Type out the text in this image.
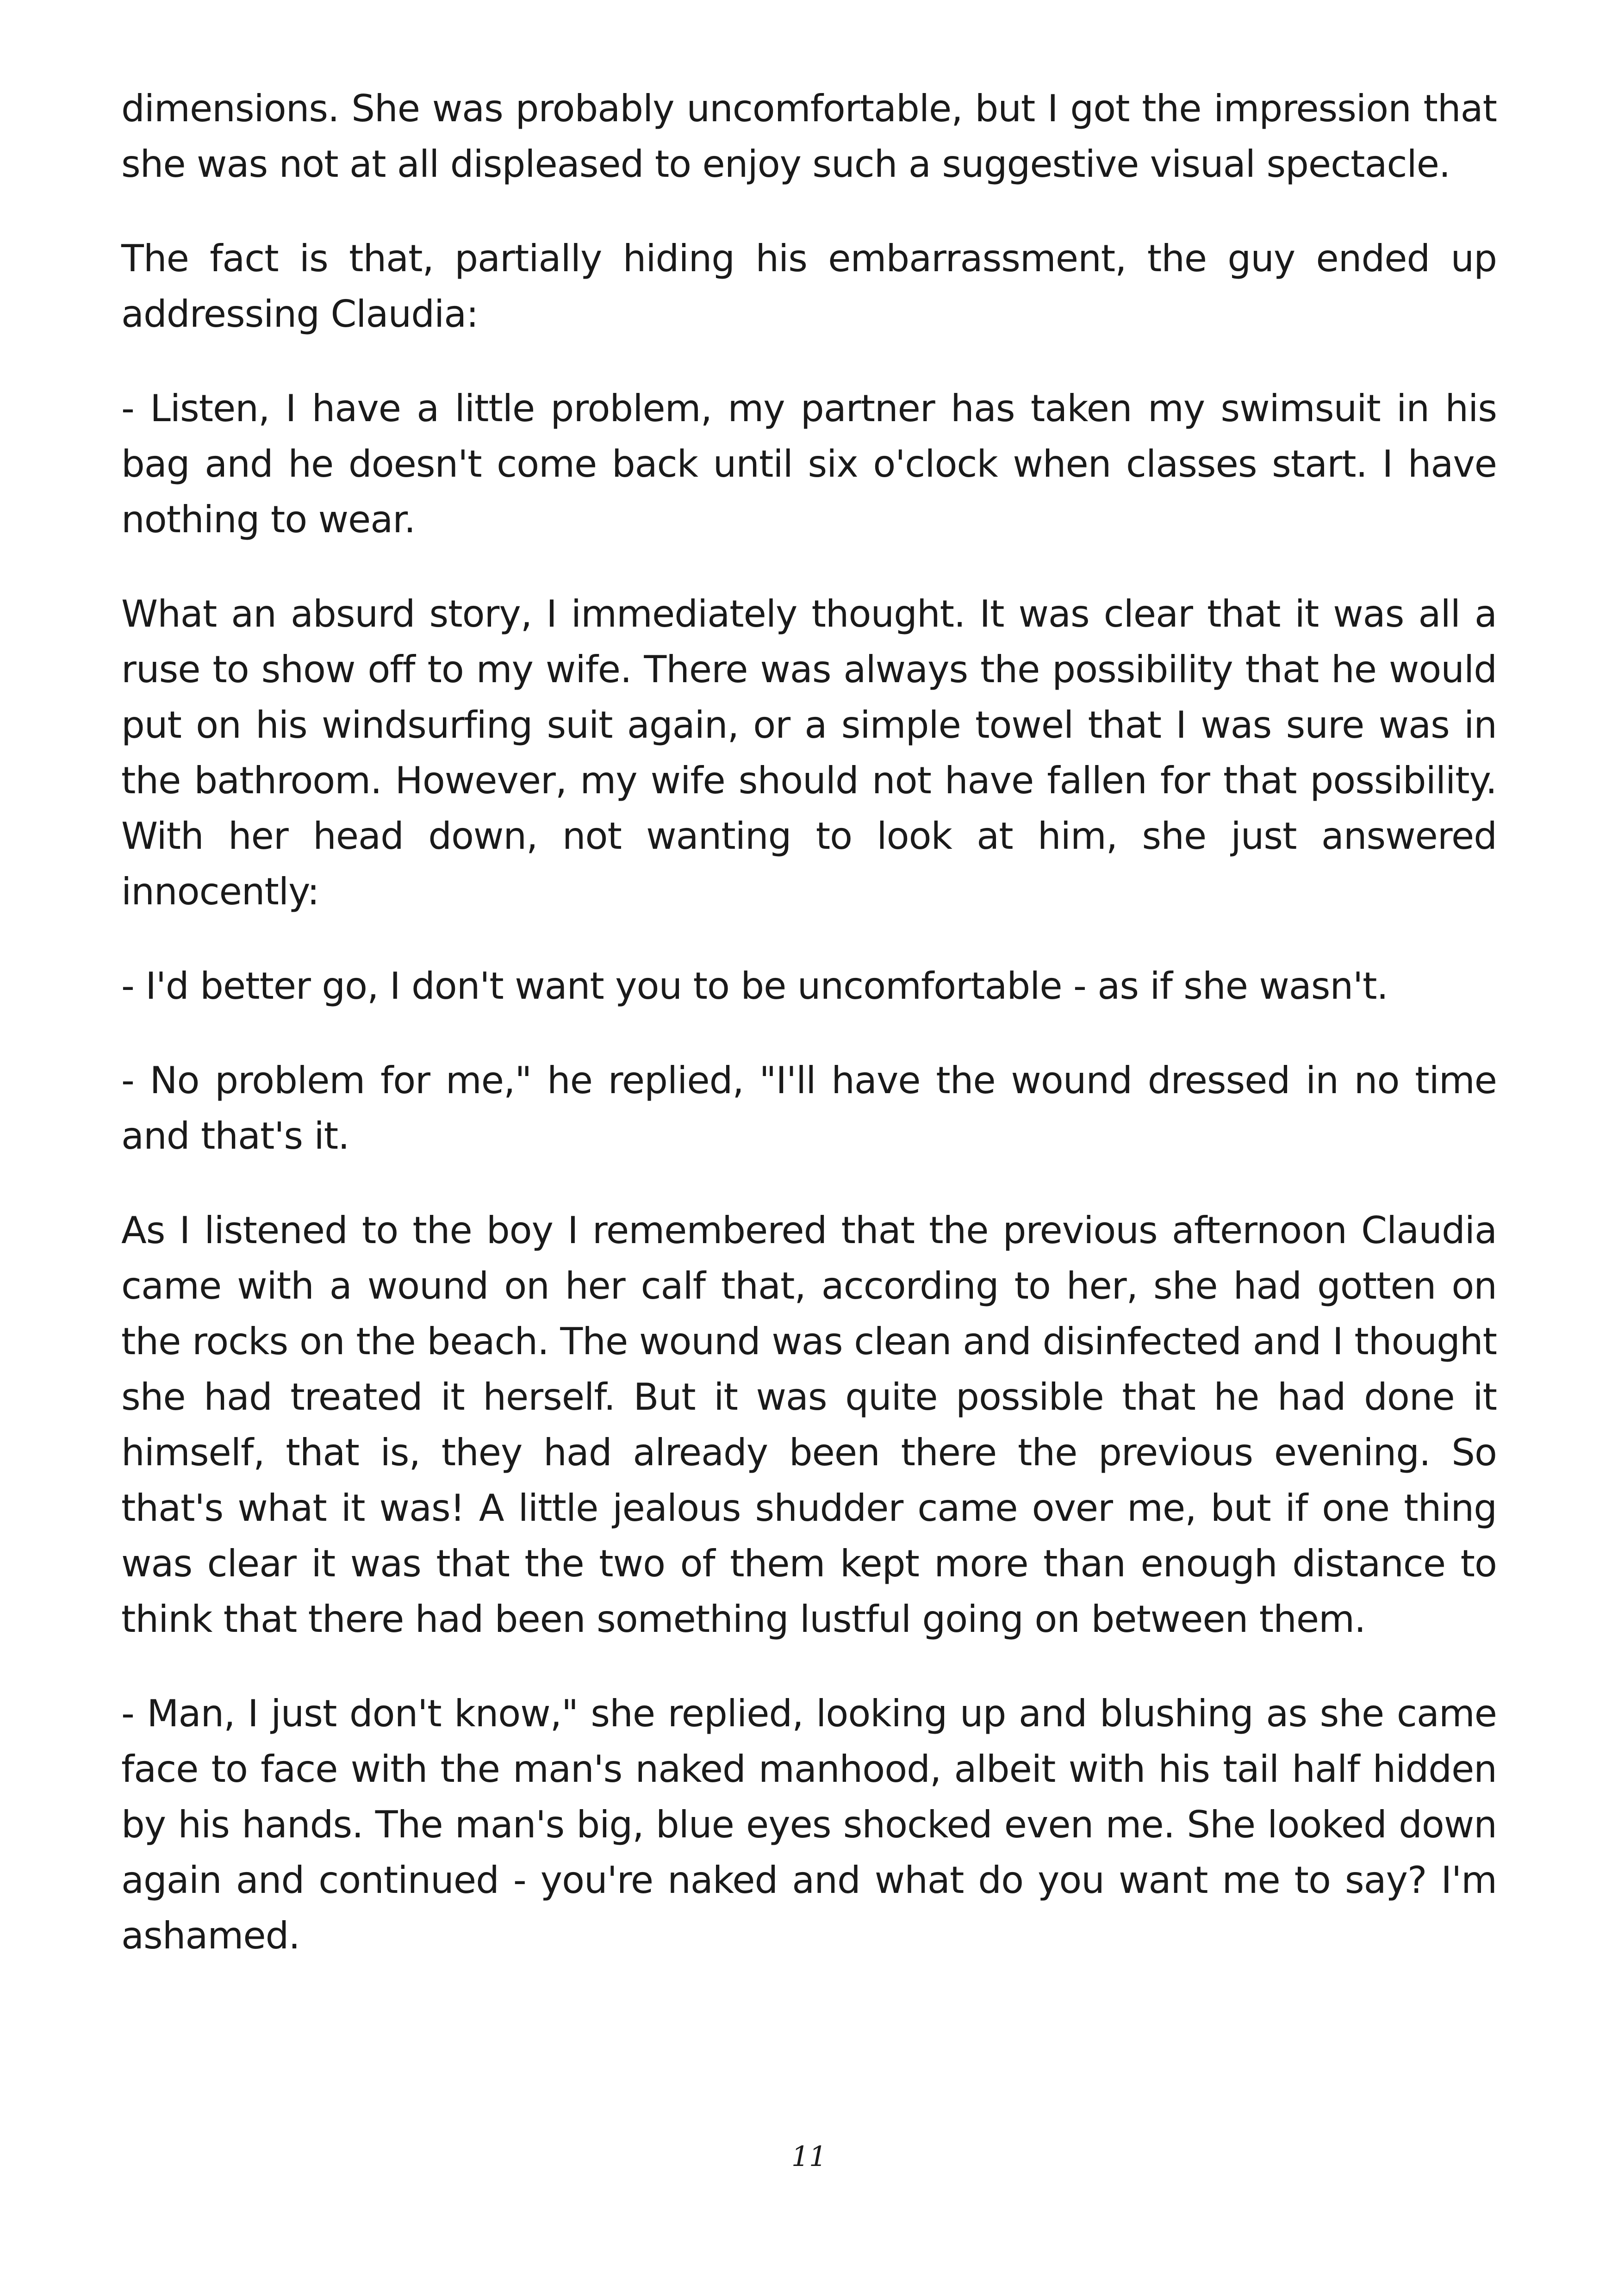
dimensions. She was probably uncomfortable, but I got the impression that she was not at all displeased to enjoy such a suggestive visual spectacle.

The fact is that, partially hiding his embarrassment, the guy ended up addressing Claudia:

- Listen, I have a little problem, my partner has taken my swimsuit in his bag and he doesn't come back until six o'clock when classes start. I have nothing to wear.

What an absurd story, I immediately thought. It was clear that it was all a ruse to show off to my wife. There was always the possibility that he would put on his windsurfing suit again, or a simple towel that I was sure was in the bathroom. However, my wife should not have fallen for that possibility. With her head down, not wanting to look at him, she just answered innocently:

- I'd better go, I don't want you to be uncomfortable - as if she wasn't.

- No problem for me," he replied, "I'll have the wound dressed in no time and that's it.

As I listened to the boy I remembered that the previous afternoon Claudia came with a wound on her calf that, according to her, she had gotten on the rocks on the beach. The wound was clean and disinfected and I thought she had treated it herself. But it was quite possible that he had done it himself, that is, they had already been there the previous evening. So that's what it was! A little jealous shudder came over me, but if one thing was clear it was that the two of them kept more than enough distance to think that there had been something lustful going on between them.

- Man, I just don't know," she replied, looking up and blushing as she came face to face with the man's naked manhood, albeit with his tail half hidden by his hands. The man's big, blue eyes shocked even me. She looked down again and continued - you're naked and what do you want me to say? I'm ashamed.

11
